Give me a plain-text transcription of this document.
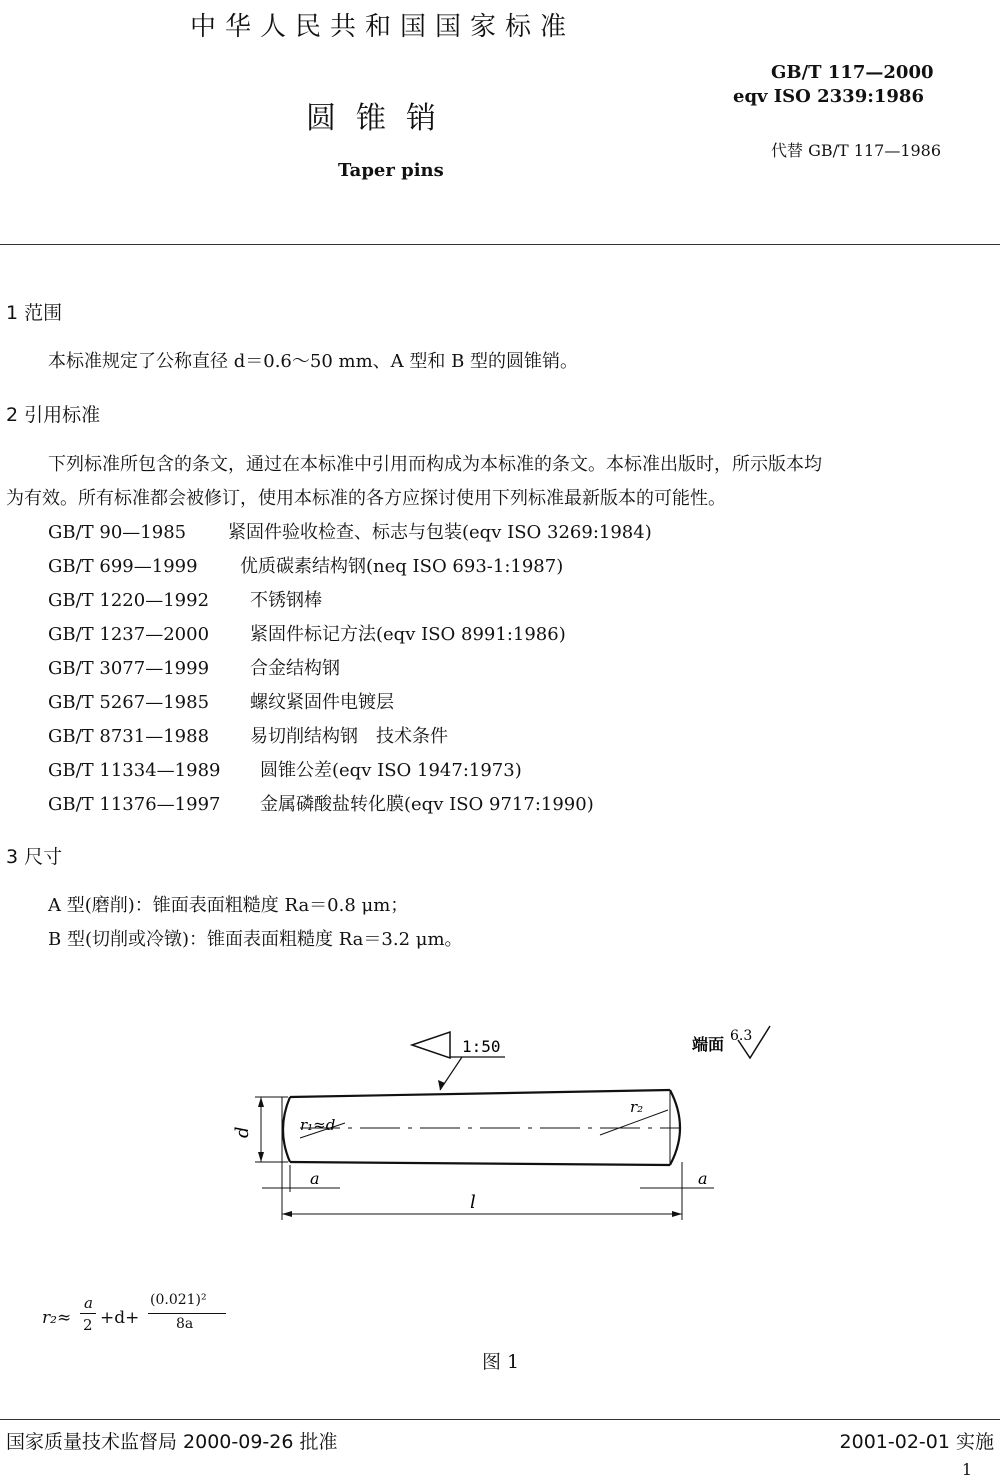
中华人民共和国国家标准
圆锥销
Taper pins
GB/T 117—2000
eqv ISO 2339:1986
代替 GB/T 117—1986
1 范围
本标准规定了公称直径 d＝0.6～50 mm、A 型和 B 型的圆锥销。
2 引用标准
下列标准所包含的条文，通过在本标准中引用而构成为本标准的条文。本标准出版时，所示版本均
为有效。所有标准都会被修订，使用本标准的各方应探讨使用下列标准最新版本的可能性。
GB/T 90—1985 紧固件验收检查、标志与包装(eqv ISO 3269:1984)
GB/T 699—1999 优质碳素结构钢(neq ISO 693-1:1987)
GB/T 1220—1992 不锈钢棒
GB/T 1237—2000 紧固件标记方法(eqv ISO 8991:1986)
GB/T 3077—1999 合金结构钢
GB/T 5267—1985 螺纹紧固件电镀层
GB/T 8731—1988 易切削结构钢　技术条件
GB/T 11334—1989 圆锥公差(eqv ISO 1947:1973)
GB/T 11376—1997 金属磷酸盐转化膜(eqv ISO 9717:1990)
3 尺寸
A 型(磨削)：锥面表面粗糙度 Ra＝0.8 μm；
B 型(切削或冷镦)：锥面表面粗糙度 Ra＝3.2 μm。
1:50	端面 6.3
d	r₁≈d
r₂
a	a
l
r₂≈
a
2 +d+
(0.021)²
8a
图 1
国家质量技术监督局 2000-09-26 批准	2001-02-01 实施
1
